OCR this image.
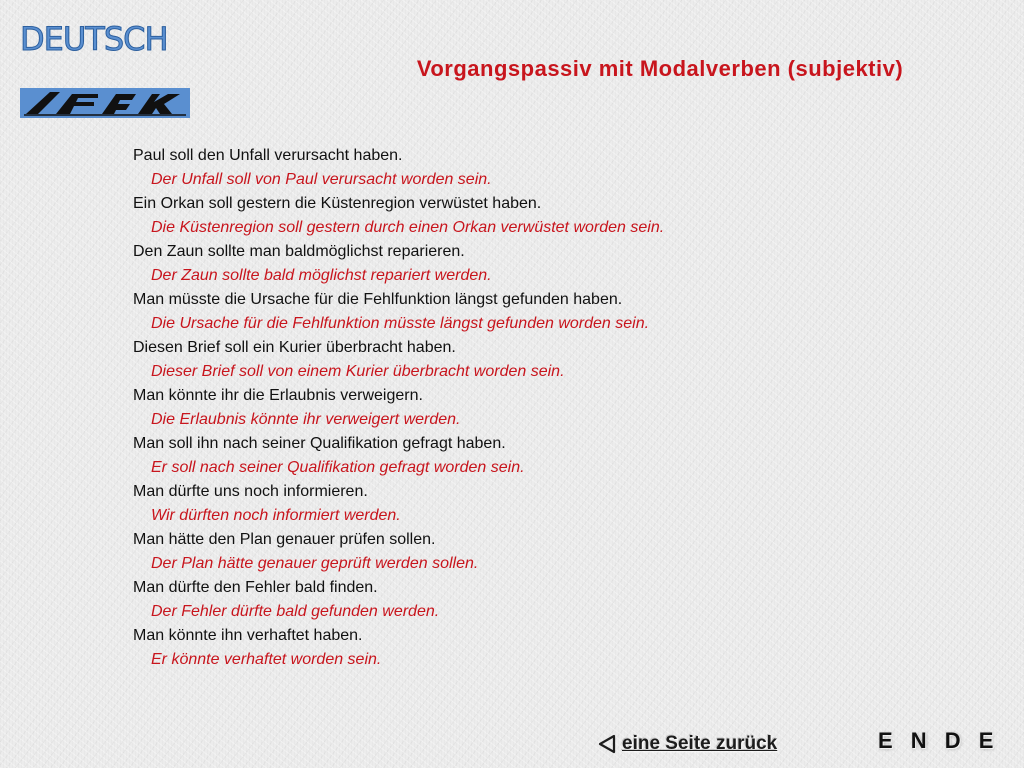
DEUTSCH
Vorgangspassiv mit Modalverben (subjektiv)
Paul soll den Unfall verursacht haben.
Der Unfall soll von Paul verursacht worden sein.
Ein Orkan soll gestern die Küstenregion verwüstet haben.
Die Küstenregion soll gestern durch einen Orkan verwüstet worden sein.
Den Zaun sollte man baldmöglichst reparieren.
Der Zaun sollte bald möglichst repariert werden.
Man müsste die Ursache für die Fehlfunktion längst gefunden haben.
Die Ursache für die Fehlfunktion müsste längst gefunden worden sein.
Diesen Brief soll ein Kurier überbracht haben.
Dieser Brief soll von einem Kurier überbracht worden sein.
Man könnte ihr die Erlaubnis verweigern.
Die Erlaubnis könnte ihr verweigert werden.
Man soll ihn nach seiner Qualifikation gefragt haben.
Er soll nach seiner Qualifikation gefragt worden sein.
Man dürfte uns noch informieren.
Wir dürften noch informiert werden.
Man hätte den Plan genauer prüfen sollen.
Der Plan hätte genauer geprüft werden sollen.
Man dürfte den Fehler bald finden.
Der Fehler dürfte bald gefunden werden.
Man könnte ihn verhaftet haben.
Er könnte verhaftet worden sein.
eine Seite zurück	E N D E
